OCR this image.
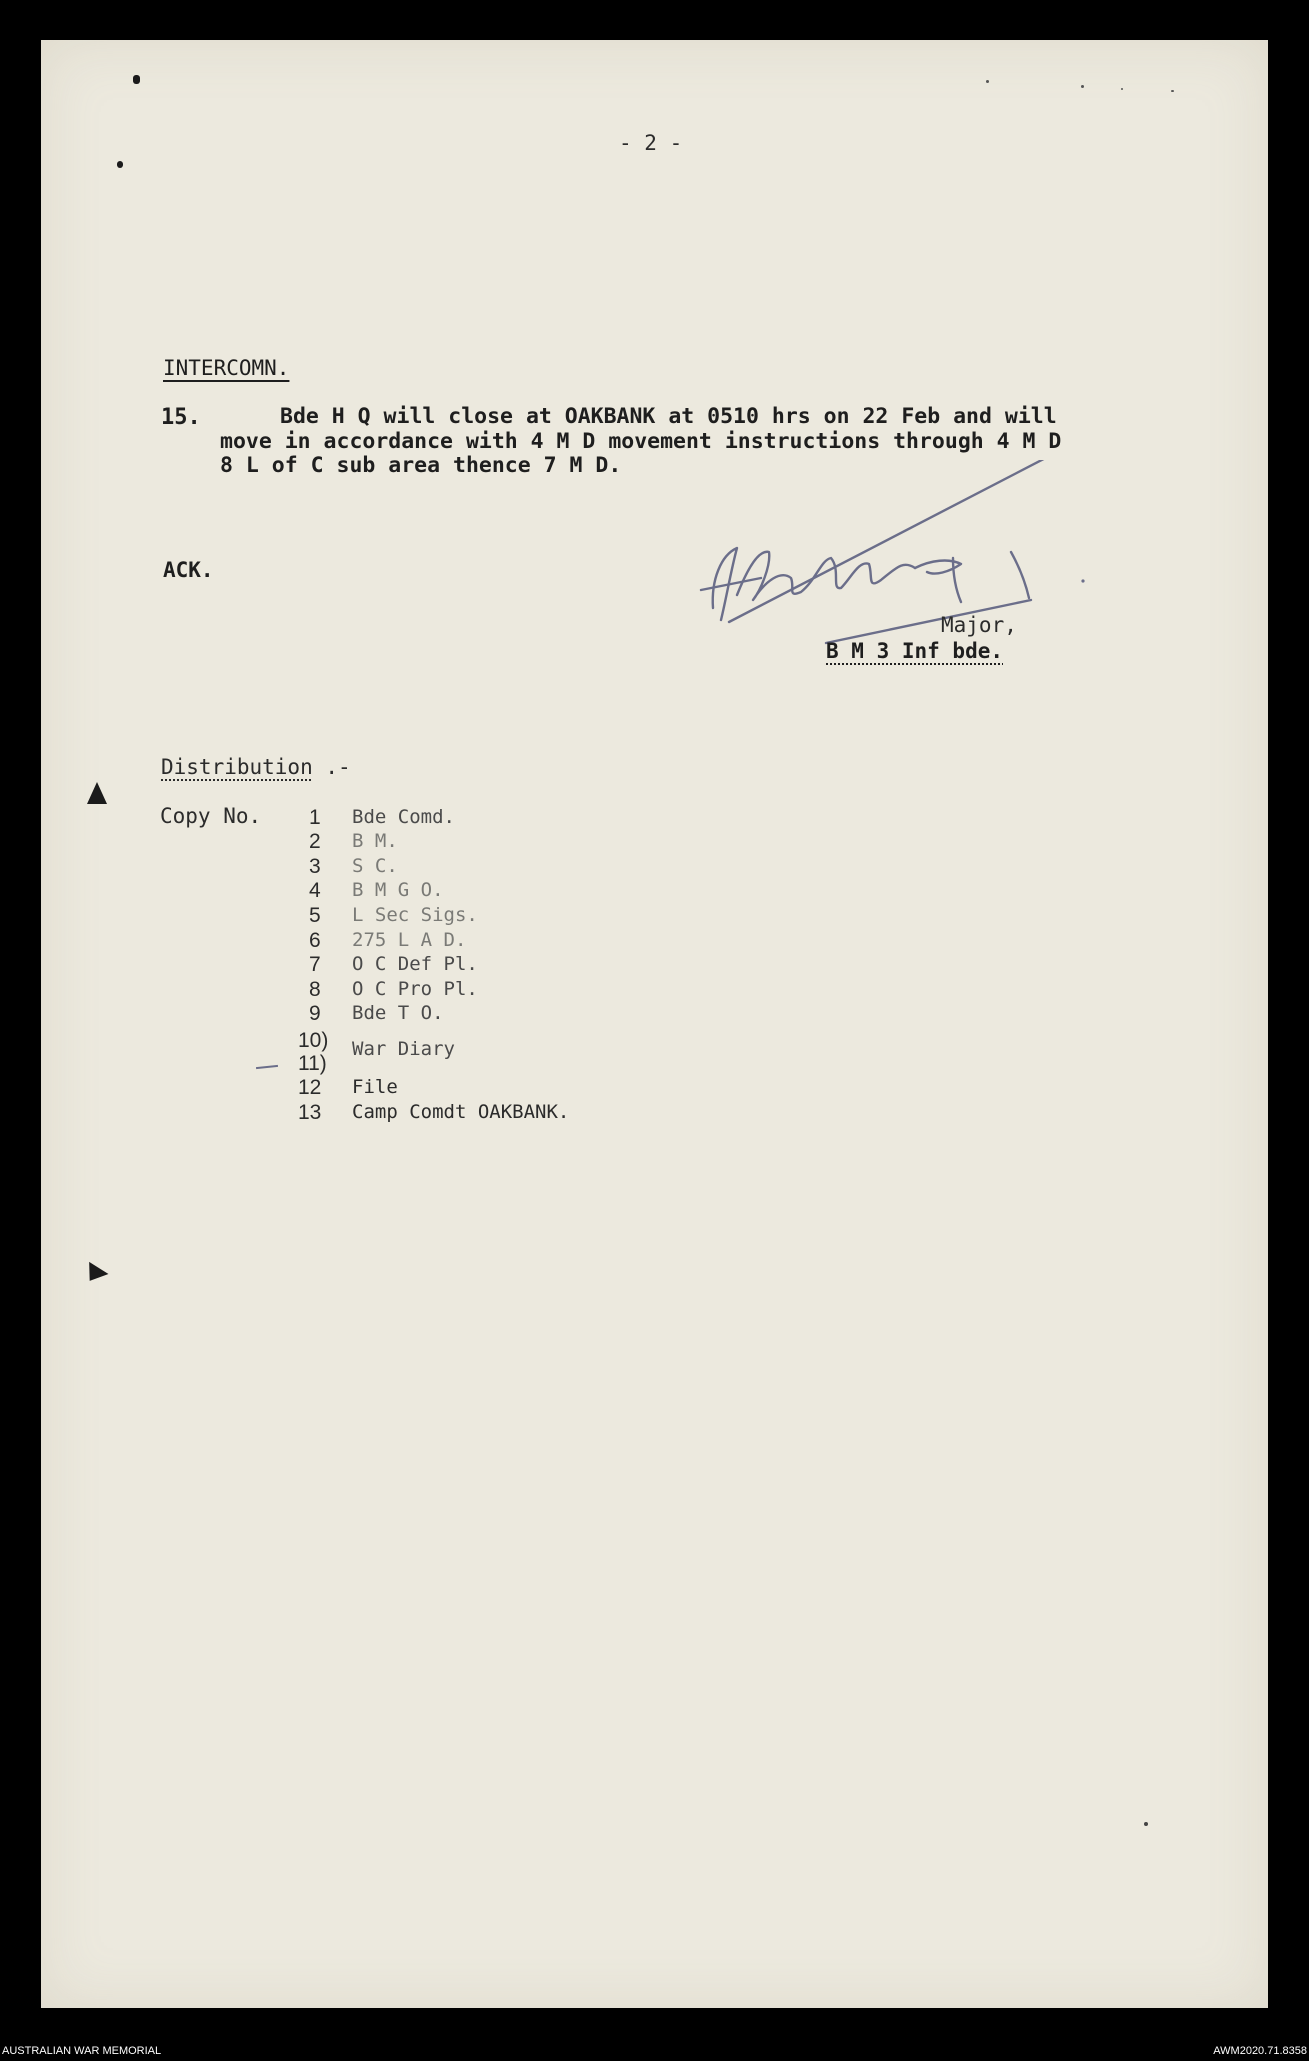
- 2 -
INTERCOMN.
15.	Bde H Q will close at OAKBANK at 0510 hrs on 22 Feb and will
move in accordance with 4 M D movement instructions through 4 M D
8 L of C sub area thence 7 M D.
ACK.
Major,
B M 3 Inf bde.
Distribution .-
Copy No. 1 Bde Comd.
2 B M.
3 S C.
4 B M G O.
5 L Sec Sigs.
6 275 L A D.
7 O C Def Pl.
8 O C Pro Pl.
9 Bde T O.
10) War Diary
11)
12 File
13 Camp Comdt OAKBANK.
AUSTRALIAN WAR MEMORIAL	AWM2020.71.8358
